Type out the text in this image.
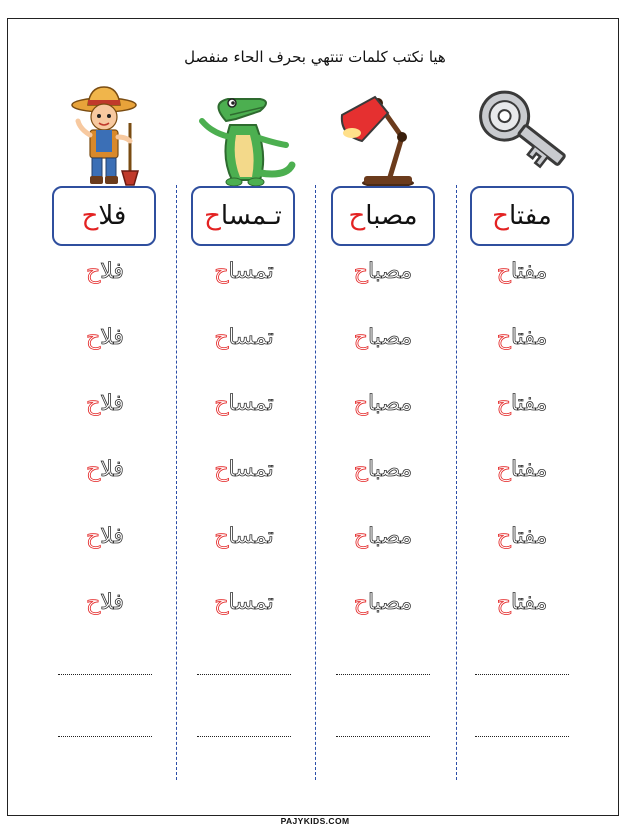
هيا نكتب كلمات تنتهي بحرف الحاء منفصل
مفتا
ح
مصبا
ح
تـمسا
ح
فلا
ح
مفتاح
مفتاح
مفتاح
مفتاح
مفتاح
مفتاح
مصباح
مصباح
مصباح
مصباح
مصباح
مصباح
تمساح
تمساح
تمساح
تمساح
تمساح
تمساح
فلاح
فلاح
فلاح
فلاح
فلاح
فلاح
PAJYKIDS.COM
